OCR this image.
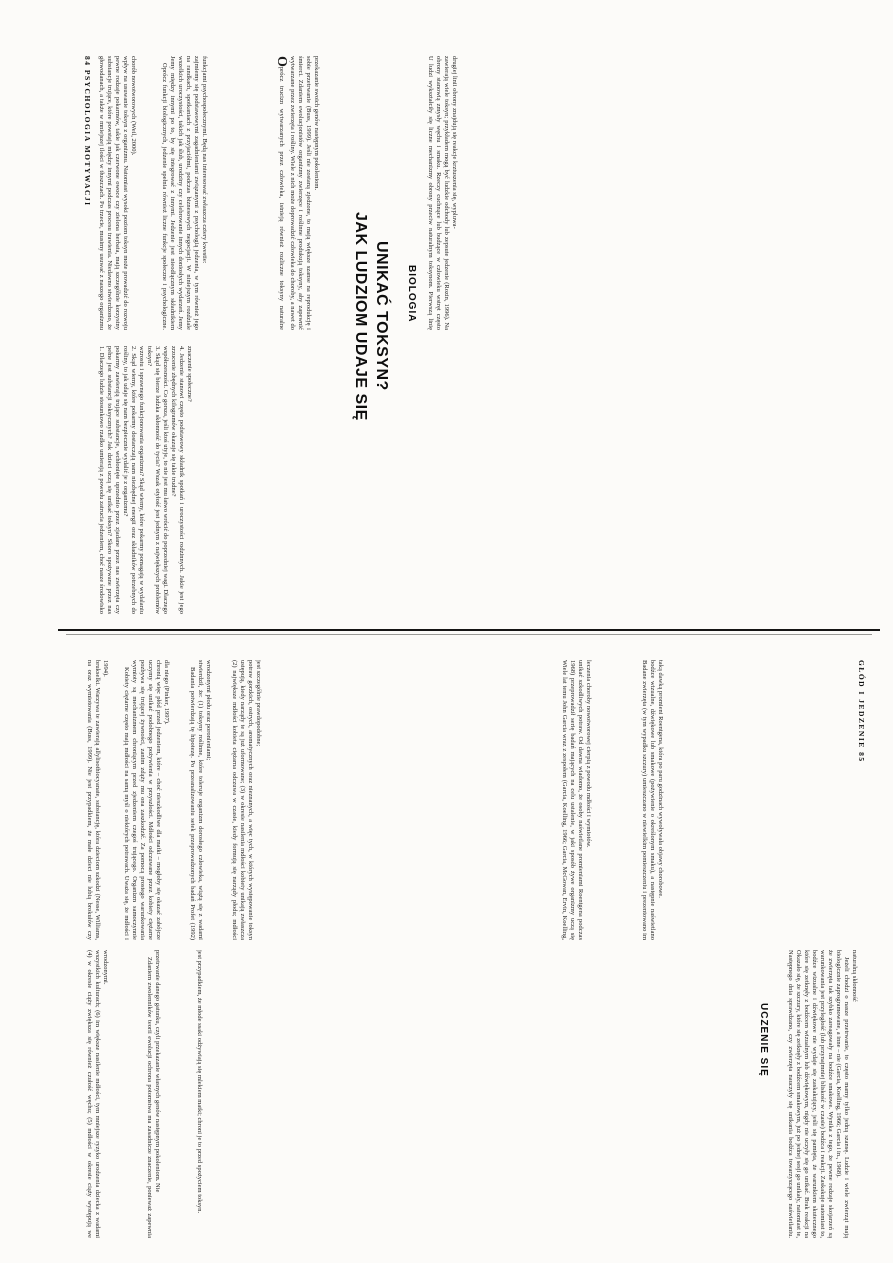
84 PSYCHOLOGIA MOTYWACJI głowodanach, a także w mniejszej ilości w tłuszczach. Po trzecie, musimy usuwać z naszego organizmu substancje trujące, które powstają między innymi podczas procesu trawienia. Niedawno stwierdzono, że pewne rodzaje pokarmów, takie jak czerwone owoce czy zielona herbata, mają szczególnie korzystny wpływ na usuwanie toksyn z organizmu. Natomiast wysoki poziom toksyn może prowadzić do rozwoju chorób nowotworowych (Weil, 2000).	Oprócz funkcji biologicznych, jedzenie spełnia również liczne funkcje społeczne i psychologiczne. Jemy między innymi po to, by się integrować z innymi. Jedzenie jest nieodłącznym składnikiem wszelkich uroczystości, takich jak ślub, urodziny czy celebrowanie innych doniosłych wydarzeń. Jemy na randkach, spotkaniach z przyjaciółmi, podczas biznesowych negocjacji. W niniejszym rozdziale zajmiemy się podstawowymi zagadnieniami związanymi z psychologią jedzenia, w tym również jego funkcjami psychospołecznymi. Będą nas interesować zwłaszcza cztery kwestie:	Oprócz trucizn wytwarzanych przez człowieka, istnieją również rozliczne toksyny naturalne wytwarzane przez zwierzęta i rośliny. Wiele z nich może doprowadzić człowieka do choroby, a nawet do śmierci. Zdaniem ewolucjonistów organizmy zwierzęce i roślinne produkują toksyny, aby zapewnić sobie przetrwanie (Buss, 1999). Jeśli nie zostaną zjedzone, to mają większe szanse na reprodukcję i przekazanie swoich genów następnym pokoleniom.

JAK LUDZIOM UDAJE SIĘ UNIKAĆ TOKSYN? BIOLOGIA	U ludzi wykształciły się liczne mechanizmy obrony przeciw naturalnym toksynom. Pierwszą linię obrony stanowią zmysły węchu i smaku. Rzeczy cuchnące lub budzące w człowieku wstręt często zawierają wiele toksyn; przykładem mogą być ludzkie odchody lub zepsute jedzenie (Rozin, 1996). Na drugiej linii obrony znajdują się reakcje krztuszenia się, wypluwa-

1. Dlaczego ludzie stosunkowo rzadko umierają z powodu zatrucia jedzeniem, choć nasze środowisko pełne jest substancji toksycznych? Jak dzieci uczą się unikać toksyn? Skoro spożywane przez nas pokarmy zawierają trujące substancje, wchłonięte uprzednio przez zjadane przez nas zwierzęta czy rośliny, to jak udaje się nam bezpiecznie wydalić je z organizmu? 2. Skąd wiemy, które pokarmy dostarczają nam niezbędnej energii oraz składników potrzebnych do wzrostu i sprawnego funkcjonowania organizmu? Skąd wiemy, które pokarmy pomagają w wydalaniu toksyn? 3. Skąd się bierze ludzka skłonność do tycia? Wszak otyłość jest jednym z największych problemów współczesności. Co gorsza, jeśli ktoś utyje, to nie jest mu łatwo wrócić do poprzedniej wagi. Dlaczego zrzucenie zbędnych kilogramów okazuje się takie trudne? 4. Jedzenie stanowi często podstawowy składnik spotkań i uroczystości rodzinnych. Jakie jest jego znaczenie społeczne?

na oraz wymiotowania (Buss, 1999). Nie jest przypadkiem, że małe dzieci nie lubią brokułów czy brukselki. Warzywa te zawierają allylisothiocyanate, substancję, która dzieciom szkodzi (Nesse, Williams, 1994). Kobiety ciężarne często mają mdłości na samą myśl o niektórych potrawach. Uważa się, że mdłości i wymioty są mechanizmem chroniącym przed zjedzeniem czegoś trującego. Organizm samoczynnie pozbywa się trującej żywności, zanim zdąży mu ona zaszkodzić. Za pomocą prostego warunkowania uczymy się unikać podobnego pożywienia w przyszłości. Mdłości odczuwane przez kobiety ciężarne chronią więc płód przed jedzeniem, które – choć nieszkodliwe dla matki – mogłoby się okazać zabójcze dla niego (Pinker, 1997).	Badania potwierdzają tę hipotezę. Po przeanalizowaniu setek przeprowadzonych badań Profet (1992) stwierdził, że: (1) toksyny roślinne, które toleruje organizm dorosłego człowieka, wiążą się z wadami wrodzonymi płodu oraz poronieniami;	(2) największe mdłości kobieta ciężarna odczuwa w czasie, kiedy formują się narządy płodu; mdłości ustępują, kiedy narządy te są już uformowane; (3) w okresie nasilenia mdłości kobiety unikają zwłaszcza potraw gorzkich, ostrych, aromatycznych oraz nieznanych, a więc tych, w których występowanie toksyn jest szczególnie prawdopodobne;	Wiele lat temu John Garcia wraz z zespołem (Garcia, Koelling, 1966; Garcia, McGowan, Ervin, Koelling, 1968) przeprowadził serię badań mających na celu ustalenie, w jaki sposób żywe organizmy uczą się unikać szkodliwych potraw. Od dawna wiadomo, że osoby naświetlane promieniami Roentgena podczas leczenia choroby nowotworowej cierpią z powodu mdłości i wymiotów.	Badane zwierzęta (w tym wypadku szczury) umieszczano w niewielkim pomieszczeniu i prezentowano im bodźce wizualne, dźwiękowe lub smakowe (pożywienie o określonym smaku), a następnie naświetlano taką dawką promieni Roentgena, która po paru godzinach wywoływała objawy chorobowe.	GŁÓD I JEDZENIE 85

(4) w okresie ciąży zwiększa się również czułość węchu; (5) mdłości w okresie ciąży występują we wszystkich kulturach; (6) im większe nasilenie mdłości, tym mniejsze ryzyko urodzenia dziecka z wadami wrodzonymi.	Zdaniem zwolenników teorii ewolucji ochrona potomstwa ma zasadnicze znaczenie, ponieważ zapewnia przetrwanie danego gatunku, czyli przekazanie własnych genów następnym pokoleniom. Nie	jest przypadkiem, że młode ssaki odżywiają się mlekiem matki; chroni je to przed spożyciem toksyn.	UCZENIE SIĘ	Następnego dnia sprawdzano, czy zwierzęta nauczyły się unikania bodźca towarzyszącego naświetlaniu. Okazało się, że szczury, które się zetknęły z bodźcem smakowym, już po jednej sesji go unikały, natomiast te, które się zetknęły z bodźcem wizualnym lub dźwiękowym, nigdy nie uczyły się go unikać. Brak reakcji na bodźce wizualne i dźwiękowe nie wydaje się zaskakujący, jeśli się pamięta, że warunkiem skutecznego warunkowania jest przyległość (lub przynajmniej bliskość w czasie) bodźca i reakcji. Zaskakuje natomiast to, że zwierzęta tak szybko zareagowały na bodźce smakowe. Wynika z tego, że pewne rodzaje skojarzeń są biologicznie zaprogramowane, a inne – nie (Garcia, Koelling, 1966; Garcia i in., 1968). Jeżeli chodzi o nasze przetrwanie, to często mamy tylko jedną szansę. Ludzie i wiele zwierząt mają naturalną skłonność
